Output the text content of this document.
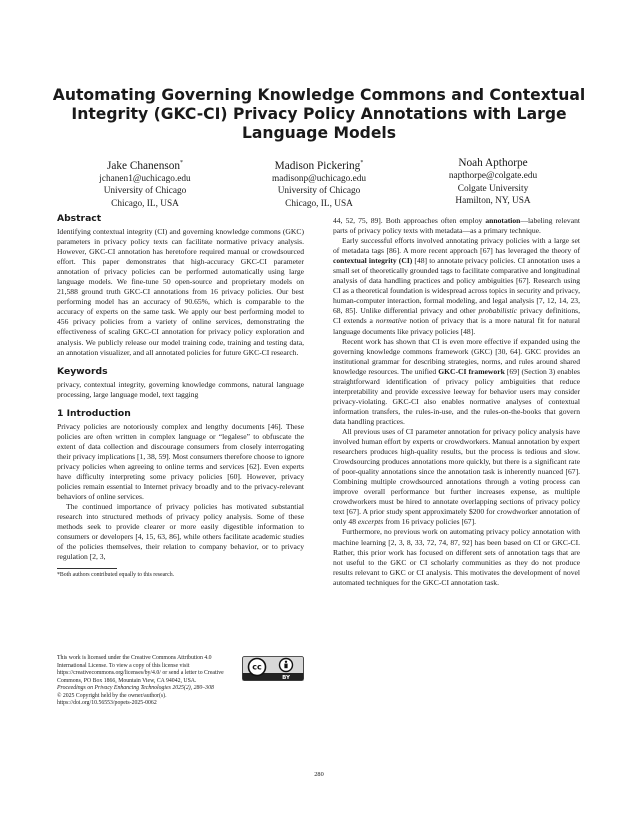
Automating Governing Knowledge Commons and Contextual Integrity (GKC-CI) Privacy Policy Annotations with Large Language Models
Jake Chanenson*
jchanen1@uchicago.edu
University of Chicago
Chicago, IL, USA
Madison Pickering*
madisonp@uchicago.edu
University of Chicago
Chicago, IL, USA
Noah Apthorpe
napthorpe@colgate.edu
Colgate University
Hamilton, NY, USA
Abstract

Identifying contextual integrity (CI) and governing knowledge commons (GKC) parameters in privacy policy texts can facilitate normative privacy analysis. However, GKC-CI annotation has heretofore required manual or crowdsourced effort. This paper demonstrates that high-accuracy GKC-CI parameter annotation of privacy policies can be performed automatically using large language models. We fine-tune 50 open-source and proprietary models on 21,588 ground truth GKC-CI annotations from 16 privacy policies. Our best performing model has an accuracy of 90.65%, which is comparable to the accuracy of experts on the same task. We apply our best performing model to 456 privacy policies from a variety of online services, demonstrating the effectiveness of scaling GKC-CI annotation for privacy policy exploration and analysis. We publicly release our model training code, training and testing data, an annotation visualizer, and all annotated policies for future GKC-CI research.

Keywords

privacy, contextual integrity, governing knowledge commons, natural language processing, large language model, text tagging

1 Introduction

Privacy policies are notoriously complex and lengthy documents [46]. These policies are often written in complex language or “legalese” to obfuscate the extent of data collection and discourage consumers from closely interrogating their privacy implications [1, 38, 59]. Most consumers therefore choose to ignore privacy policies when agreeing to online terms and services [62]. Even experts have difficulty interpreting some privacy policies [60]. However, privacy policies remain essential to Internet privacy broadly and to the privacy-relevant behaviors of online services.

The continued importance of privacy policies has motivated substantial research into structured methods of privacy policy analysis. Some of these methods seek to provide clearer or more easily digestible information to consumers or developers [4, 15, 63, 86], while others facilitate academic studies of the policies themselves, their relation to company behavior, or to privacy regulation [2, 3,

*Both authors contributed equally to this research.

This work is licensed under the Creative Commons Attribution 4.0 International License. To view a copy of this license visit https://creativecommons.org/licenses/by/4.0/ or send a letter to Creative Commons, PO Box 1866, Mountain View, CA 94042, USA.
cc
BY
Proceedings on Privacy Enhancing Technologies 2025(2), 280–308
© 2025 Copyright held by the owner/author(s).
https://doi.org/10.56553/popets-2025-0062

44, 52, 75, 89]. Both approaches often employ annotation—labeling relevant parts of privacy policy texts with metadata—as a primary technique.

Early successful efforts involved annotating privacy policies with a large set of metadata tags [86]. A more recent approach [67] has leveraged the theory of contextual integrity (CI) [48] to annotate privacy policies. CI annotation uses a small set of theoretically grounded tags to facilitate comparative and longitudinal analysis of data handling practices and policy ambiguities [67]. Research using CI as a theoretical foundation is widespread across topics in security and privacy, human-computer interaction, formal modeling, and legal analysis [7, 12, 14, 23, 68, 85]. Unlike differential privacy and other probabilistic privacy definitions, CI extends a normative notion of privacy that is a more natural fit for natural language documents like privacy policies [48].

Recent work has shown that CI is even more effective if expanded using the governing knowledge commons framework (GKC) [30, 64]. GKC provides an institutional grammar for describing strategies, norms, and rules around shared knowledge resources. The unified GKC-CI framework [69] (Section 3) enables straightforward identification of privacy policy ambiguities that reduce interpretability and provide excessive leeway for behavior users may consider privacy-violating. GKC-CI also enables normative analyses of contextual information transfers, the rules-in-use, and the rules-on-the-books that govern data handling practices.

All previous uses of CI parameter annotation for privacy policy analysis have involved human effort by experts or crowdworkers. Manual annotation by expert researchers produces high-quality results, but the process is tedious and slow. Crowdsourcing produces annotations more quickly, but there is a significant rate of poor-quality annotations since the annotation task is inherently nuanced [67]. Combining multiple crowdsourced annotations through a voting process can improve overall performance but further increases expense, as multiple crowdworkers must be hired to annotate overlapping sections of privacy policy text [67]. A prior study spent approximately $200 for crowdworker annotation of only 48 excerpts from 16 privacy policies [67].

Furthermore, no previous work on automating privacy policy annotation with machine learning [2, 3, 8, 33, 72, 74, 87, 92] has been based on CI or GKC-CI. Rather, this prior work has focused on different sets of annotation tags that are not useful to the GKC or CI scholarly communities as they do not produce results relevant to GKC or CI analysis. This motivates the development of novel automated techniques for the GKC-CI annotation task.

280
